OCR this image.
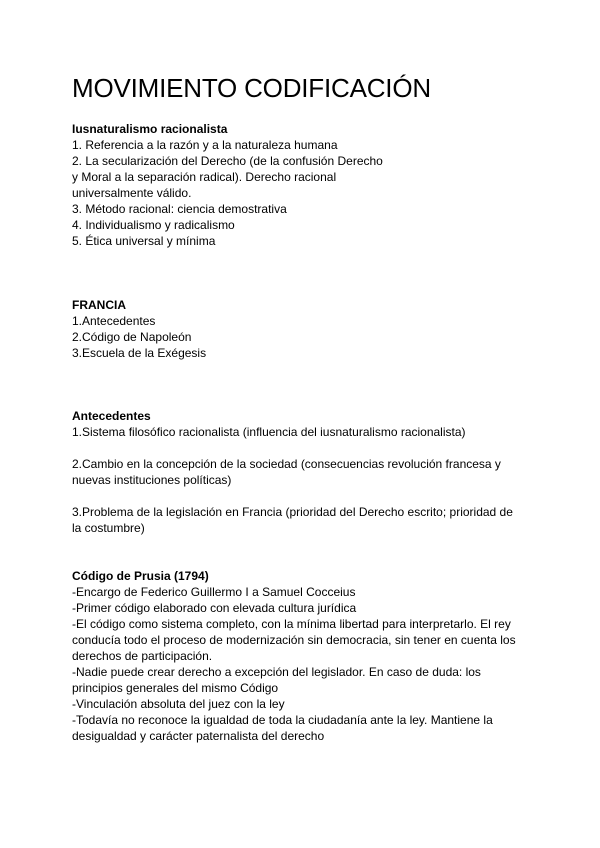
MOVIMIENTO CODIFICACIÓN
Iusnaturalismo racionalista
1. Referencia a la razón y a la naturaleza humana
2. La secularización del Derecho (de la confusión Derecho
y Moral a la separación radical). Derecho racional
universalmente válido.
3. Método racional: ciencia demostrativa
4. Individualismo y radicalismo
5. Ética universal y mínima
FRANCIA
1.Antecedentes
2.Código de Napoleón
3.Escuela de la Exégesis
Antecedentes
1.Sistema filosófico racionalista (influencia del iusnaturalismo racionalista)
2.Cambio en la concepción de la sociedad (consecuencias revolución francesa y
nuevas instituciones políticas)
3.Problema de la legislación en Francia (prioridad del Derecho escrito; prioridad de
la costumbre)
Código de Prusia (1794)
-Encargo de Federico Guillermo I a Samuel Cocceius
-Primer código elaborado con elevada cultura jurídica
-El código como sistema completo, con la mínima libertad para interpretarlo. El rey
conducía todo el proceso de modernización sin democracia, sin tener en cuenta los
derechos de participación.
-Nadie puede crear derecho a excepción del legislador. En caso de duda: los
principios generales del mismo Código
-Vinculación absoluta del juez con la ley
-Todavía no reconoce la igualdad de toda la ciudadanía ante la ley. Mantiene la
desigualdad y carácter paternalista del derecho
